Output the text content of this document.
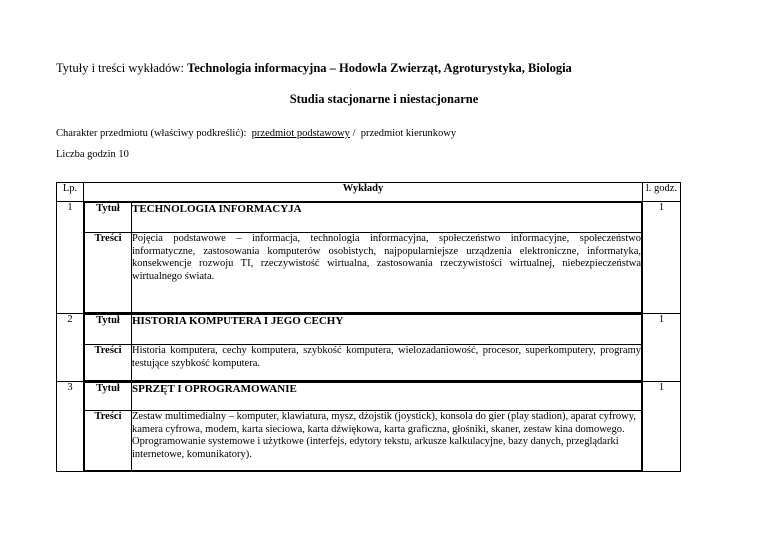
Tytuły i treści wykładów: Technologia informacyjna – Hodowla Zwierząt, Agroturystyka, Biologia
Studia stacjonarne i niestacjonarne
Charakter przedmiotu (właściwy podkreślić): przedmiot podstawowy / przedmiot kierunkowy
Liczba godzin 10
Lp.	Wykłady	l. godz.
1	Tytuł	TECHNOLOGIA INFORMACYJA
Treści	Pojęcia podstawowe – informacja, technologia informacyjna, społeczeństwo informacyjne, społeczeństwo informatyczne, zastosowania komputerów osobistych, najpopularniejsze urządzenia elektroniczne, informatyka, konsekwencje rozwoju TI, rzeczywistość wirtualna, zastosowania rzeczywistości wirtualnej, niebezpieczeństwa wirtualnego świata.
	1
2	Tytuł	HISTORIA KOMPUTERA I JEGO CECHY
Treści	Historia komputera, cechy komputera, szybkość komputera, wielozadaniowość, procesor, superkomputery, programy testujące szybkość komputera.
	1
3	Tytuł	SPRZĘT I OPROGRAMOWANIE
Treści	Zestaw multimedialny – komputer, klawiatura, mysz, dżojstik (joystick), konsola do gier (play stadion), aparat cyfrowy, kamera cyfrowa, modem, karta sieciowa, karta dźwiękowa, karta graficzna, głośniki, skaner, zestaw kina domowego. Oprogramowanie systemowe i użytkowe (interfejs, edytory tekstu, arkusze kalkulacyjne, bazy danych, przeglądarki internetowe, komunikatory).
	1
